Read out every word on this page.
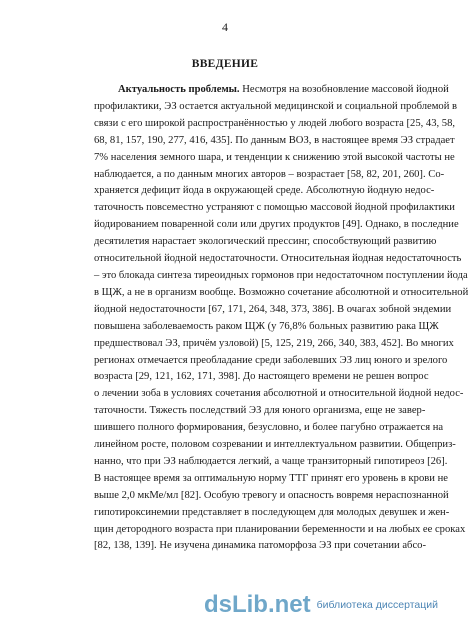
4
ВВЕДЕНИЕ
Актуальность проблемы. Несмотря на возобновление массовой йодной
профилактики, ЭЗ остается актуальной медицинской и социальной проблемой в
связи с его широкой распространённостью у людей любого возраста [25, 43, 58,
68, 81, 157, 190, 277, 416, 435]. По данным ВОЗ, в настоящее время ЭЗ страдает
7% населения земного шара, и тенденции к снижению этой высокой частоты не
наблюдается, а по данным многих авторов – возрастает [58, 82, 201, 260]. Со-
храняется дефицит йода в окружающей среде. Абсолютную йодную недос-
таточность повсеместно устраняют с помощью массовой йодной профилактики
йодированием поваренной соли или других продуктов [49]. Однако, в последние
десятилетия нарастает экологический прессинг, способствующий развитию
относительной йодной недостаточности. Относительная йодная недостаточность
– это блокада синтеза тиреоидных гормонов при недостаточном поступлении йода
в ЩЖ, а не в организм вообще. Возможно сочетание абсолютной и относительной
йодной недостаточности [67, 171, 264, 348, 373, 386]. В очагах зобной эндемии
повышена заболеваемость раком ЩЖ (у 76,8% больных развитию рака ЩЖ
предшествовал ЭЗ, причём узловой) [5, 125, 219, 266, 340, 383, 452]. Во многих
регионах отмечается преобладание среди заболевших ЭЗ лиц юного и зрелого
возраста [29, 121, 162, 171, 398]. До настоящего времени не решен вопрос
о лечении зоба в условиях сочетания абсолютной и относительной йодной недос-
таточности. Тяжесть последствий ЭЗ для юного организма, еще не завер-
шившего полного формирования, безусловно, и более пагубно отражается на
линейном росте, половом созревании и интеллектуальном развитии. Общеприз-
нанно, что при ЭЗ наблюдается легкий, а чаще транзиторный гипотиреоз [26].
В настоящее время за оптимальную норму ТТГ принят его уровень в крови не
выше 2,0 мкМе/мл [82]. Особую тревогу и опасность вовремя нераспознанной
гипотироксинемии представляет в последующем для молодых девушек и жен-
щин детородного возраста при планировании беременности и на любых ее сроках
[82, 138, 139]. Не изучена динамика патоморфоза ЭЗ при сочетании абсо-
dsLib.net библиотека диссертаций
